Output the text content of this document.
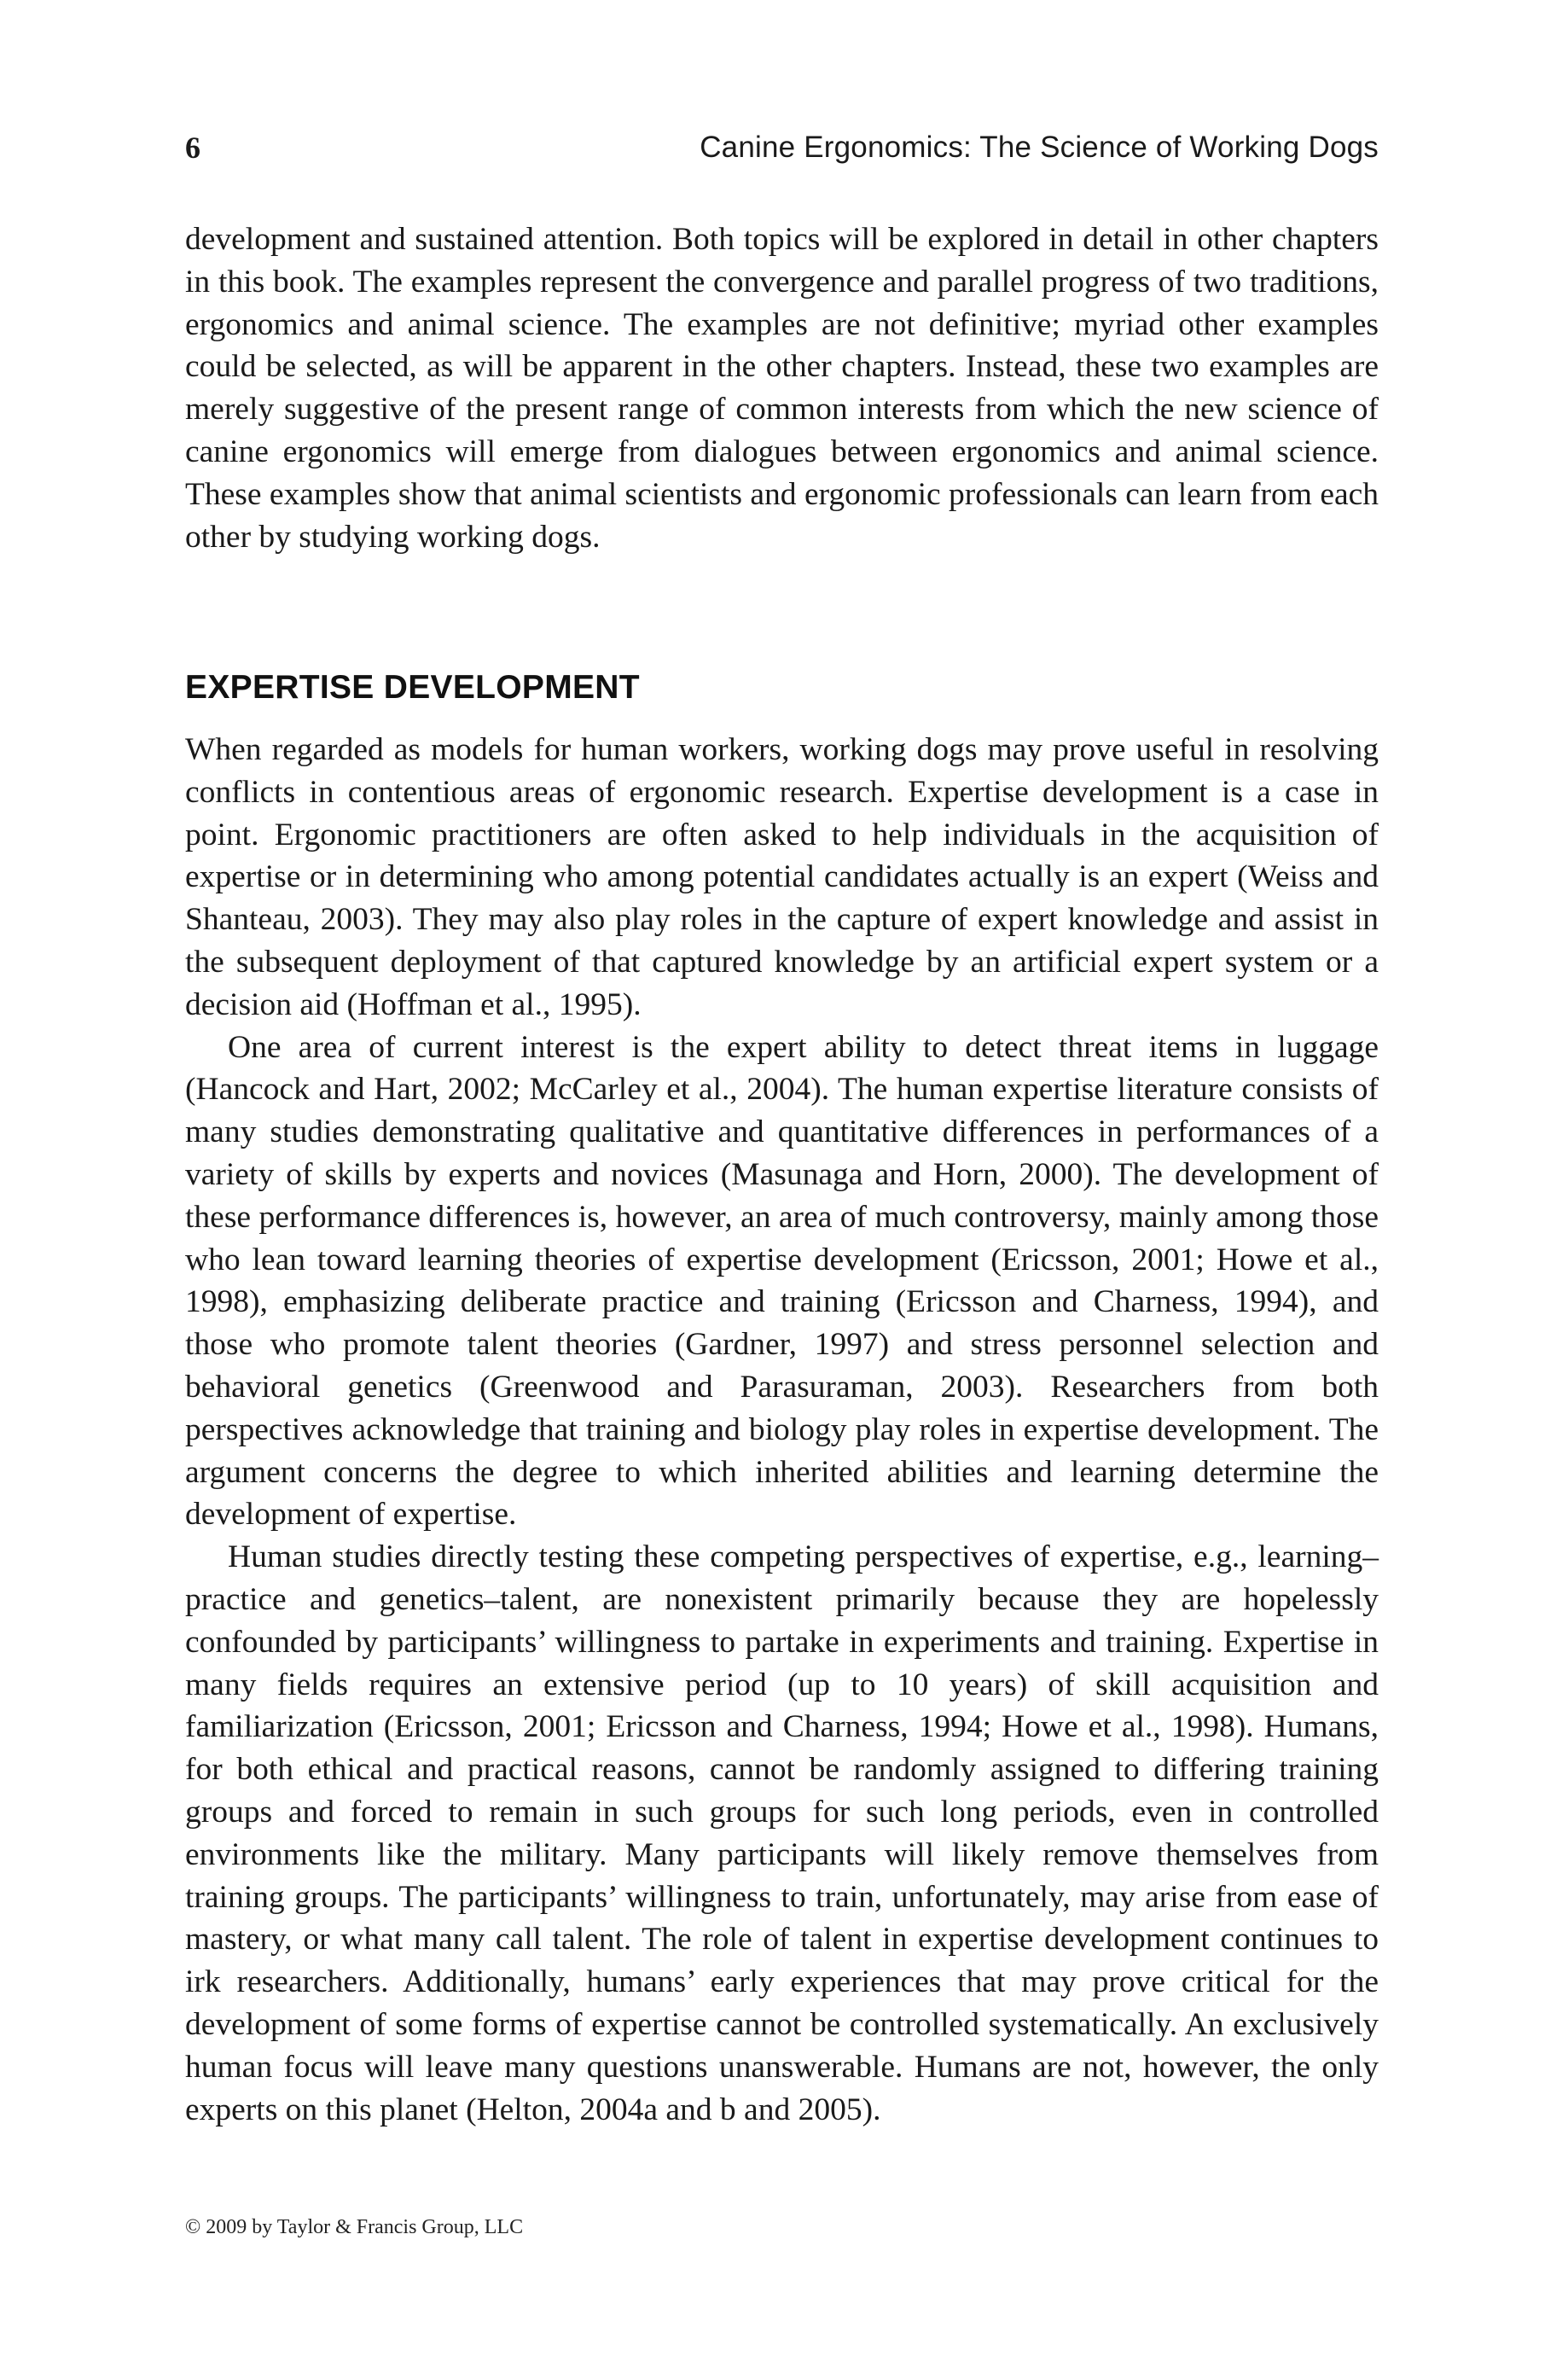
6	Canine Ergonomics: The Science of Working Dogs

development and sustained attention. Both topics will be explored in detail in other chapters in this book. The examples represent the convergence and parallel progress of two traditions, ergonomics and animal science. The examples are not definitive; myriad other examples could be selected, as will be apparent in the other chapters. Instead, these two examples are merely suggestive of the present range of common interests from which the new science of canine ergonomics will emerge from dialogues between ergonomics and animal science. These examples show that animal scientists and ergonomic professionals can learn from each other by studying working dogs.

EXPERTISE DEVELOPMENT

When regarded as models for human workers, working dogs may prove useful in resolving conflicts in contentious areas of ergonomic research. Expertise development is a case in point. Ergonomic practitioners are often asked to help individuals in the acquisition of expertise or in determining who among potential candidates actually is an expert (Weiss and Shanteau, 2003). They may also play roles in the capture of expert knowledge and assist in the subsequent deployment of that captured knowledge by an artificial expert system or a decision aid (Hoffman et al., 1995).

One area of current interest is the expert ability to detect threat items in luggage (Hancock and Hart, 2002; McCarley et al., 2004). The human expertise literature consists of many studies demonstrating qualitative and quantitative differences in performances of a variety of skills by experts and novices (Masunaga and Horn, 2000). The development of these performance differences is, however, an area of much controversy, mainly among those who lean toward learning theories of expertise development (Ericsson, 2001; Howe et al., 1998), emphasizing deliberate practice and training (Ericsson and Charness, 1994), and those who promote talent theories (Gardner, 1997) and stress personnel selection and behavioral genetics (Greenwood and Parasuraman, 2003). Researchers from both perspectives acknowledge that training and biology play roles in expertise development. The argument concerns the degree to which inherited abilities and learning determine the development of expertise.

Human studies directly testing these competing perspectives of expertise, e.g., learning–practice and genetics–talent, are nonexistent primarily because they are hopelessly confounded by participants’ willingness to partake in experiments and training. Expertise in many fields requires an extensive period (up to 10 years) of skill acquisition and familiarization (Ericsson, 2001; Ericsson and Charness, 1994; Howe et al., 1998). Humans, for both ethical and practical reasons, cannot be randomly assigned to differing training groups and forced to remain in such groups for such long periods, even in controlled environments like the military. Many participants will likely remove themselves from training groups. The participants’ willingness to train, unfortunately, may arise from ease of mastery, or what many call talent. The role of talent in expertise development continues to irk researchers. Additionally, humans’ early experiences that may prove critical for the development of some forms of expertise cannot be controlled systematically. An exclusively human focus will leave many questions unanswerable. Humans are not, however, the only experts on this planet (Helton, 2004a and b and 2005).

© 2009 by Taylor & Francis Group, LLC
